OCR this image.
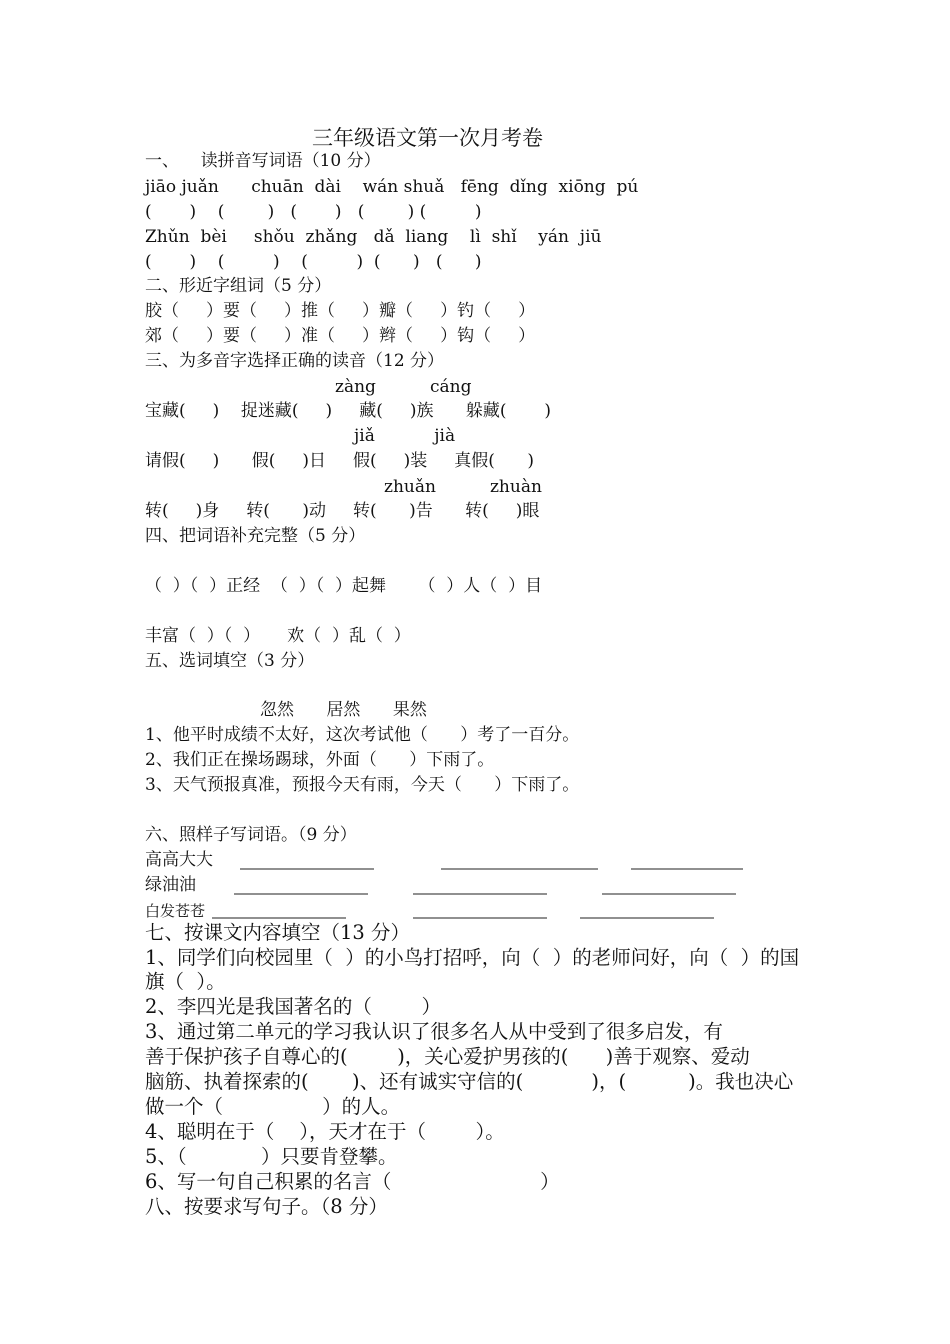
三年级语文第一次月考卷
一、    读拼音写词语（10 分）
jiāo juǎn      chuān  dài    wán shuǎ   fēng  dǐng  xiōng  pú
(       )    (        )   (       )   (        ) (         )
Zhǔn  bèi     shǒu  zhǎng   dǎ  liang    lì  shǐ    yán  jiū
(       )    (         )    (         )  (      )   (      )
二、形近字组词（5 分）
胶（     ）要（     ）推（     ）瓣（     ）钓（     ）
郊（     ）要（     ）准（     ）辫（     ）钩（     ）
三、为多音字选择正确的读音（12 分）
zàng          cáng
宝藏(     )    捉迷藏(     )     藏(     )族      躲藏(       )
jiǎ           jià
请假(     )      假(     )日     假(     )装     真假(      )
zhuǎn          zhuàn
转(     )身     转(      )动     转(      )告      转(     )眼
四、把词语补充完整（5 分）
（  ）（  ）正经  （  ）（  ）起舞      （  ）人（  ）目
丰富（  ）（  ）     欢（  ）乱（  ）
五、选词填空（3 分）
忽然      居然      果然
1、他平时成绩不太好，这次考试他（      ）考了一百分。
2、我们正在操场踢球，外面（      ）下雨了。
3、天气预报真准，预报今天有雨，今天（      ）下雨了。
六、照样子写词语。（9 分）
高高大大
绿油油
白发苍苍
七、按课文内容填空（13 分）
1、同学们向校园里（  ）的小鸟打招呼，向（  ）的老师问好，向（  ）的国
旗（  ）。
2、李四光是我国著名的（        ）
3、通过第二单元的学习我认识了很多名人从中受到了很多启发，有
善于保护孩子自尊心的(        )，关心爱护男孩的(      )善于观察、爱动
脑筋、执着探索的(       )、还有诚实守信的(           )，(          )。我也决心
做一个（                ）的人。
4、聪明在于（    ），天才在于（        ）。
5、（            ）只要肯登攀。
6、写一句自己积累的名言（                        ）
八、按要求写句子。（8 分）
